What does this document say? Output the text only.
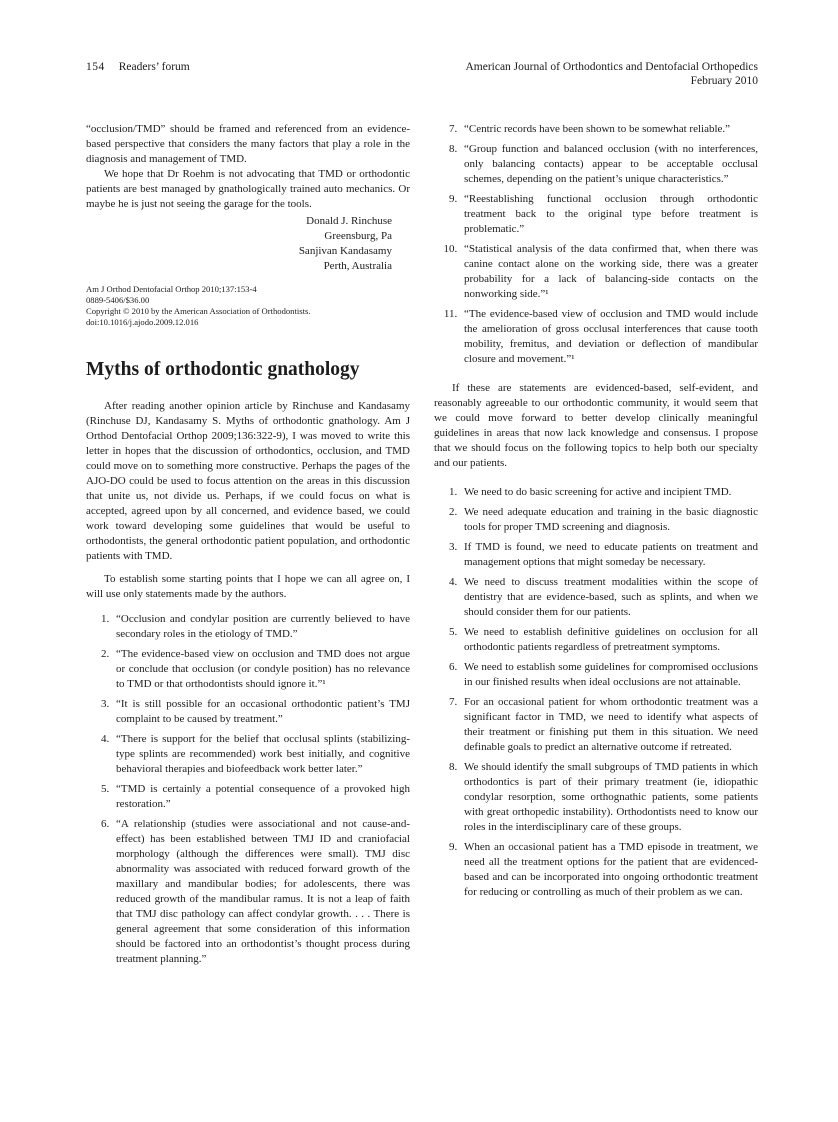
154 Readers’ forum	American Journal of Orthodontics and Dentofacial Orthopedics
February 2010

“occlusion/TMD” should be framed and referenced from an evidence-based perspective that considers the many factors that play a role in the diagnosis and management of TMD.

We hope that Dr Roehm is not advocating that TMD or orthodontic patients are best managed by gnathologically trained auto mechanics. Or maybe he is just not seeing the garage for the tools.

Donald J. Rinchuse
Greensburg, Pa
Sanjivan Kandasamy
Perth, Australia
Am J Orthod Dentofacial Orthop 2010;137:153-4
0889-5406/$36.00
Copyright © 2010 by the American Association of Orthodontists.
doi:10.1016/j.ajodo.2009.12.016
Myths of orthodontic gnathology

After reading another opinion article by Rinchuse and Kandasamy (Rinchuse DJ, Kandasamy S. Myths of orthodontic gnathology. Am J Orthod Dentofacial Orthop 2009;136:322-9), I was moved to write this letter in hopes that the discussion of orthodontics, occlusion, and TMD could move on to something more constructive. Perhaps the pages of the AJO-DO could be used to focus attention on the areas in this discussion that unite us, not divide us. Perhaps, if we could focus on what is accepted, agreed upon by all concerned, and evidence based, we could work toward developing some guidelines that would be useful to orthodontists, the general orthodontic patient population, and orthodontic patients with TMD.

To establish some starting points that I hope we can all agree on, I will use only statements made by the authors.

1. “Occlusion and condylar position are currently believed to have secondary roles in the etiology of TMD.”
2. “The evidence-based view on occlusion and TMD does not argue or conclude that occlusion (or condyle position) has no relevance to TMD or that orthodontists should ignore it.”¹
3. “It is still possible for an occasional orthodontic patient’s TMJ complaint to be caused by treatment.”
4. “There is support for the belief that occlusal splints (stabilizing-type splints are recommended) work best initially, and cognitive behavioral therapies and biofeedback work better later.”
5. “TMD is certainly a potential consequence of a provoked high restoration.”
6. “A relationship (studies were associational and not cause-and-effect) has been established between TMJ ID and craniofacial morphology (although the differences were small). TMJ disc abnormality was associated with reduced forward growth of the maxillary and mandibular bodies; for adolescents, there was reduced growth of the mandibular ramus. It is not a leap of faith that TMJ disc pathology can affect condylar growth. . . . There is general agreement that some consideration of this information should be factored into an orthodontist’s thought process during treatment planning.”
7. “Centric records have been shown to be somewhat reliable.”
8. “Group function and balanced occlusion (with no interferences, only balancing contacts) appear to be acceptable occlusal schemes, depending on the patient’s unique characteristics.”
9. “Reestablishing functional occlusion through orthodontic treatment back to the original type before treatment is problematic.”
10. “Statistical analysis of the data confirmed that, when there was canine contact alone on the working side, there was a greater probability for a lack of balancing-side contacts on the nonworking side.”¹
11. “The evidence-based view of occlusion and TMD would include the amelioration of gross occlusal interferences that cause tooth mobility, fremitus, and deviation or deflection of mandibular closure and movement.”¹

If these are statements are evidenced-based, self-evident, and reasonably agreeable to our orthodontic community, it would seem that we could move forward to better develop clinically meaningful guidelines in areas that now lack knowledge and consensus. I propose that we should focus on the following topics to help both our specialty and our patients.

1. We need to do basic screening for active and incipient TMD.
2. We need adequate education and training in the basic diagnostic tools for proper TMD screening and diagnosis.
3. If TMD is found, we need to educate patients on treatment and management options that might someday be necessary.
4. We need to discuss treatment modalities within the scope of dentistry that are evidence-based, such as splints, and when we should consider them for our patients.
5. We need to establish definitive guidelines on occlusion for all orthodontic patients regardless of pretreatment symptoms.
6. We need to establish some guidelines for compromised occlusions in our finished results when ideal occlusions are not attainable.
7. For an occasional patient for whom orthodontic treatment was a significant factor in TMD, we need to identify what aspects of their treatment or finishing put them in this situation. We need definable goals to predict an alternative outcome if retreated.
8. We should identify the small subgroups of TMD patients in which orthodontics is part of their primary treatment (ie, idiopathic condylar resorption, some orthognathic patients, some patients with great orthopedic instability). Orthodontists need to know our roles in the interdisciplinary care of these groups.
9. When an occasional patient has a TMD episode in treatment, we need all the treatment options for the patient that are evidenced-based and can be incorporated into ongoing orthodontic treatment for reducing or controlling as much of their problem as we can.
